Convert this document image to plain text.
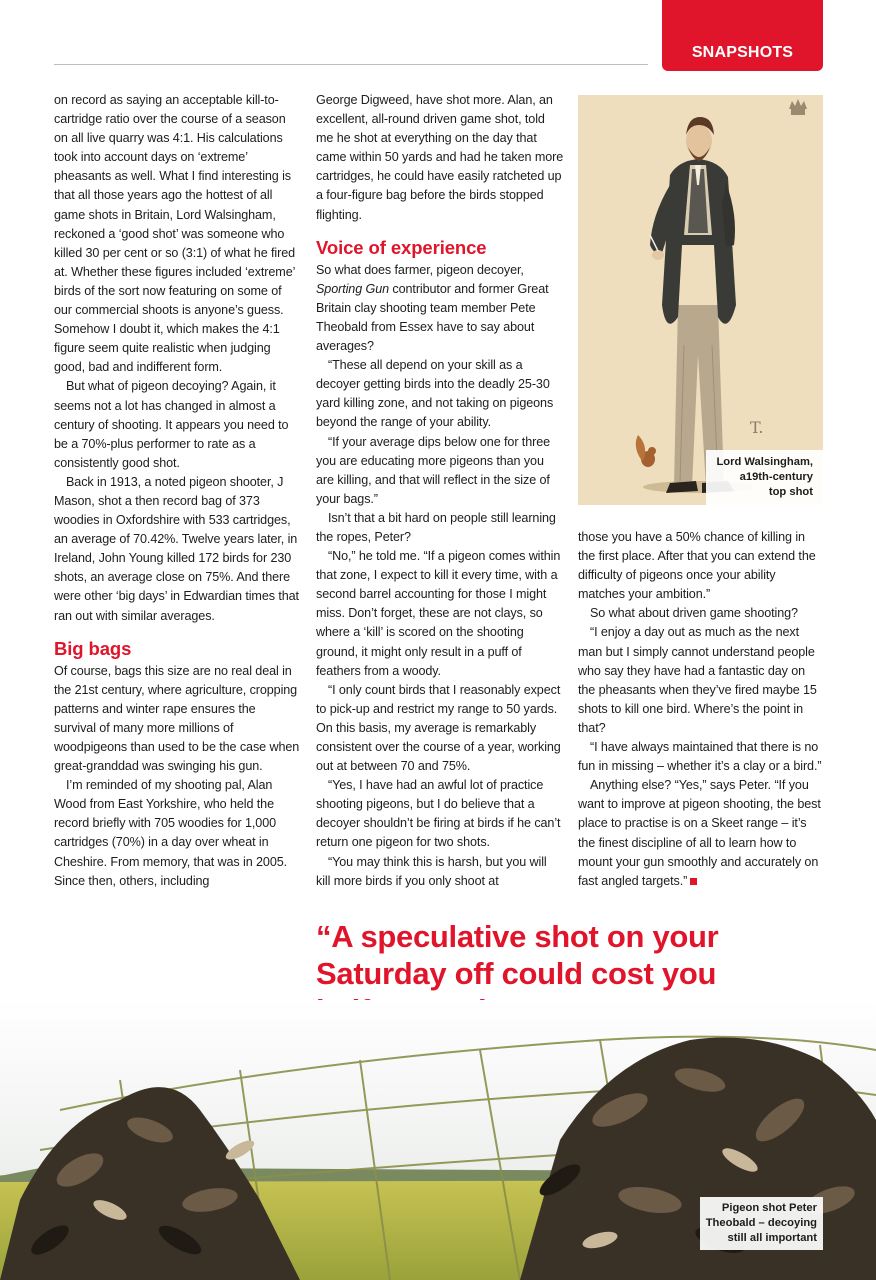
SNAPSHOTS

on record as saying an acceptable kill-to-cartridge ratio over the course of a season on all live quarry was 4:1. His calculations took into account days on ‘extreme’ pheasants as well. What I find interesting is that all those years ago the hottest of all game shots in Britain, Lord Walsingham, reckoned a ‘good shot’ was someone who killed 30 per cent or so (3:1) of what he fired at. Whether these figures included ‘extreme’ birds of the sort now featuring on some of our commercial shoots is anyone’s guess. Somehow I doubt it, which makes the 4:1 figure seem quite realistic when judging good, bad and indifferent form.

But what of pigeon decoying? Again, it seems not a lot has changed in almost a century of shooting. It appears you need to be a 70%-plus performer to rate as a consistently good shot.

Back in 1913, a noted pigeon shooter, J Mason, shot a then record bag of 373 woodies in Oxfordshire with 533 cartridges, an average of 70.42%. Twelve years later, in Ireland, John Young killed 172 birds for 230 shots, an average close on 75%. And there were other ‘big days’ in Edwardian times that ran out with similar averages.

Big bags

Of course, bags this size are no real deal in the 21st century, where agriculture, cropping patterns and winter rape ensures the survival of many more millions of woodpigeons than used to be the case when great-granddad was swinging his gun.

I’m reminded of my shooting pal, Alan Wood from East Yorkshire, who held the record briefly with 705 woodies for 1,000 cartridges (70%) in a day over wheat in Cheshire. From memory, that was in 2005. Since then, others, including

George Digweed, have shot more. Alan, an excellent, all-round driven game shot, told me he shot at everything on the day that came within 50 yards and had he taken more cartridges, he could have easily ratcheted up a four-figure bag before the birds stopped flighting.

Voice of experience

So what does farmer, pigeon decoyer, Sporting Gun contributor and former Great Britain clay shooting team member Pete Theobald from Essex have to say about averages?

“These all depend on your skill as a decoyer getting birds into the deadly 25-30 yard killing zone, and not taking on pigeons beyond the range of your ability.

“If your average dips below one for three you are educating more pigeons than you are killing, and that will reflect in the size of your bags.”

Isn’t that a bit hard on people still learning the ropes, Peter?

“No,” he told me. “If a pigeon comes within that zone, I expect to kill it every time, with a second barrel accounting for those I might miss. Don’t forget, these are not clays, so where a ‘kill’ is scored on the shooting ground, it might only result in a puff of feathers from a woody.

“I only count birds that I reasonably expect to pick-up and restrict my range to 50 yards. On this basis, my average is remarkably consistent over the course of a year, working out at between 70 and 75%.

“Yes, I have had an awful lot of practice shooting pigeons, but I do believe that a decoyer shouldn’t be firing at birds if he can’t return one pigeon for two shots.

“You may think this is harsh, but you will kill more birds if you only shoot at

T.
Lord Walsingham,
a19th-century
top shot

those you have a 50% chance of killing in the first place. After that you can extend the difficulty of pigeons once your ability matches your ambition.”

So what about driven game shooting?

“I enjoy a day out as much as the next man but I simply cannot understand people who say they have had a fantastic day on the pheasants when they’ve fired maybe 15 shots to kill one bird. Where’s the point in that?

“I have always maintained that there is no fun in missing – whether it’s a clay or a bird.”

Anything else? “Yes,” says Peter. “If you want to improve at pigeon shooting, the best place to practise is on a Skeet range – it’s the finest discipline of all to learn how to mount your gun smoothly and accurately on fast angled targets.”

“A speculative shot on your
Saturday off could cost you
Pigeon shot Peter
Theobald – decoying
still all important
